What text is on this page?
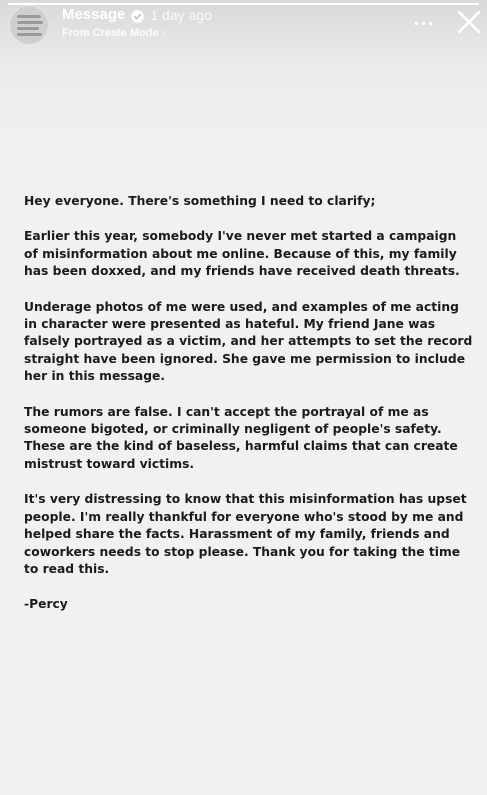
Message 1 day ago
From Create Mode ›
...

Hey everyone. There's something I need to clarify;

Earlier this year, somebody I've never met started a campaign of misinformation about me online. Because of this, my family has been doxxed, and my friends have received death threats.

Underage photos of me were used, and examples of me acting in character were presented as hateful. My friend Jane was falsely portrayed as a victim, and her attempts to set the record straight have been ignored. She gave me permission to include her in this message.

The rumors are false. I can't accept the portrayal of me as someone bigoted, or criminally negligent of people's safety. These are the kind of baseless, harmful claims that can create mistrust toward victims.

It's very distressing to know that this misinformation has upset people. I'm really thankful for everyone who's stood by me and helped share the facts. Harassment of my family, friends and coworkers needs to stop please. Thank you for taking the time to read this.

-Percy
